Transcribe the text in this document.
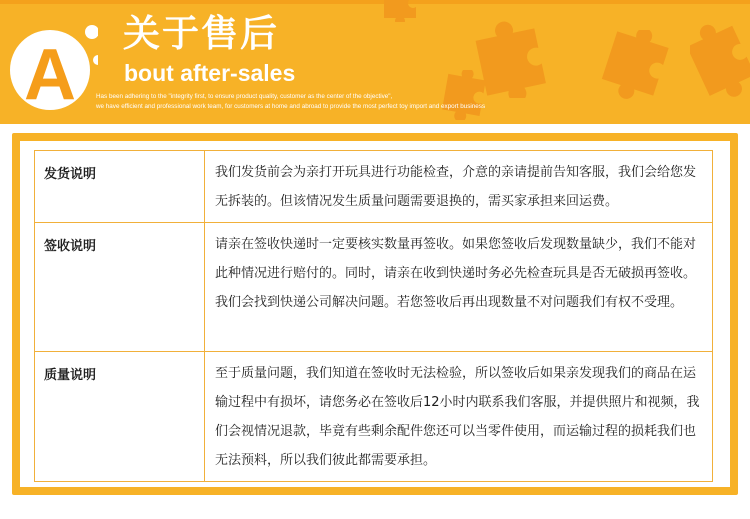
A
关于售后
bout after-sales
Has been adhering to the "integrity first, to ensure product quality, customer as the center of the objective",
we have efficient and professional work team, for customers at home and abroad to provide the most perfect toy import and export business
发货说明	我们发货前会为亲打开玩具进行功能检查，介意的亲请提前告知客服，我们会给您发无拆装的。但该情况发生质量问题需要退换的，需买家承担来回运费。
签收说明	请亲在签收快递时一定要核实数量再签收。如果您签收后发现数量缺少，我们不能对此种情况进行赔付的。同时，请亲在收到快递时务必先检查玩具是否无破损再签收。我们会找到快递公司解决问题。若您签收后再出现数量不对问题我们有权不受理。
质量说明	至于质量问题，我们知道在签收时无法检验，所以签收后如果亲发现我们的商品在运输过程中有损坏，请您务必在签收后12小时内联系我们客服，并提供照片和视频，我们会视情况退款，毕竟有些剩余配件您还可以当零件使用，而运输过程的损耗我们也无法预料，所以我们彼此都需要承担。
